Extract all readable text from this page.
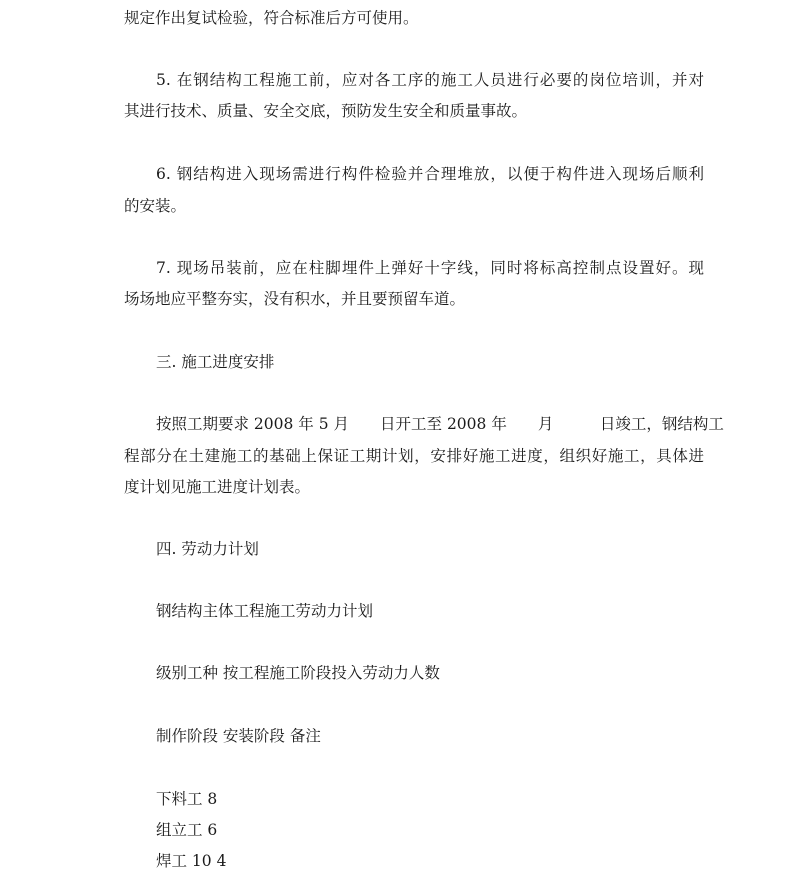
规定作出复试检验，符合标准后方可使用。
5. 在钢结构工程施工前，应对各工序的施工人员进行必要的岗位培训，并对
其进行技术、质量、安全交底，预防发生安全和质量事故。
6. 钢结构进入现场需进行构件检验并合理堆放，以便于构件进入现场后顺利
的安装。
7. 现场吊装前，应在柱脚埋件上弹好十字线，同时将标高控制点设置好。现
场场地应平整夯实，没有积水，并且要预留车道。
三. 施工进度安排
按照工期要求 2008 年 5 月　　日开工至 2008 年　　月　　　日竣工，钢结构工
程部分在土建施工的基础上保证工期计划，安排好施工进度，组织好施工，具体进
度计划见施工进度计划表。
四. 劳动力计划
钢结构主体工程施工劳动力计划
级别工种 按工程施工阶段投入劳动力人数
制作阶段 安装阶段 备注
下料工 8
组立工 6
焊工 10 4
